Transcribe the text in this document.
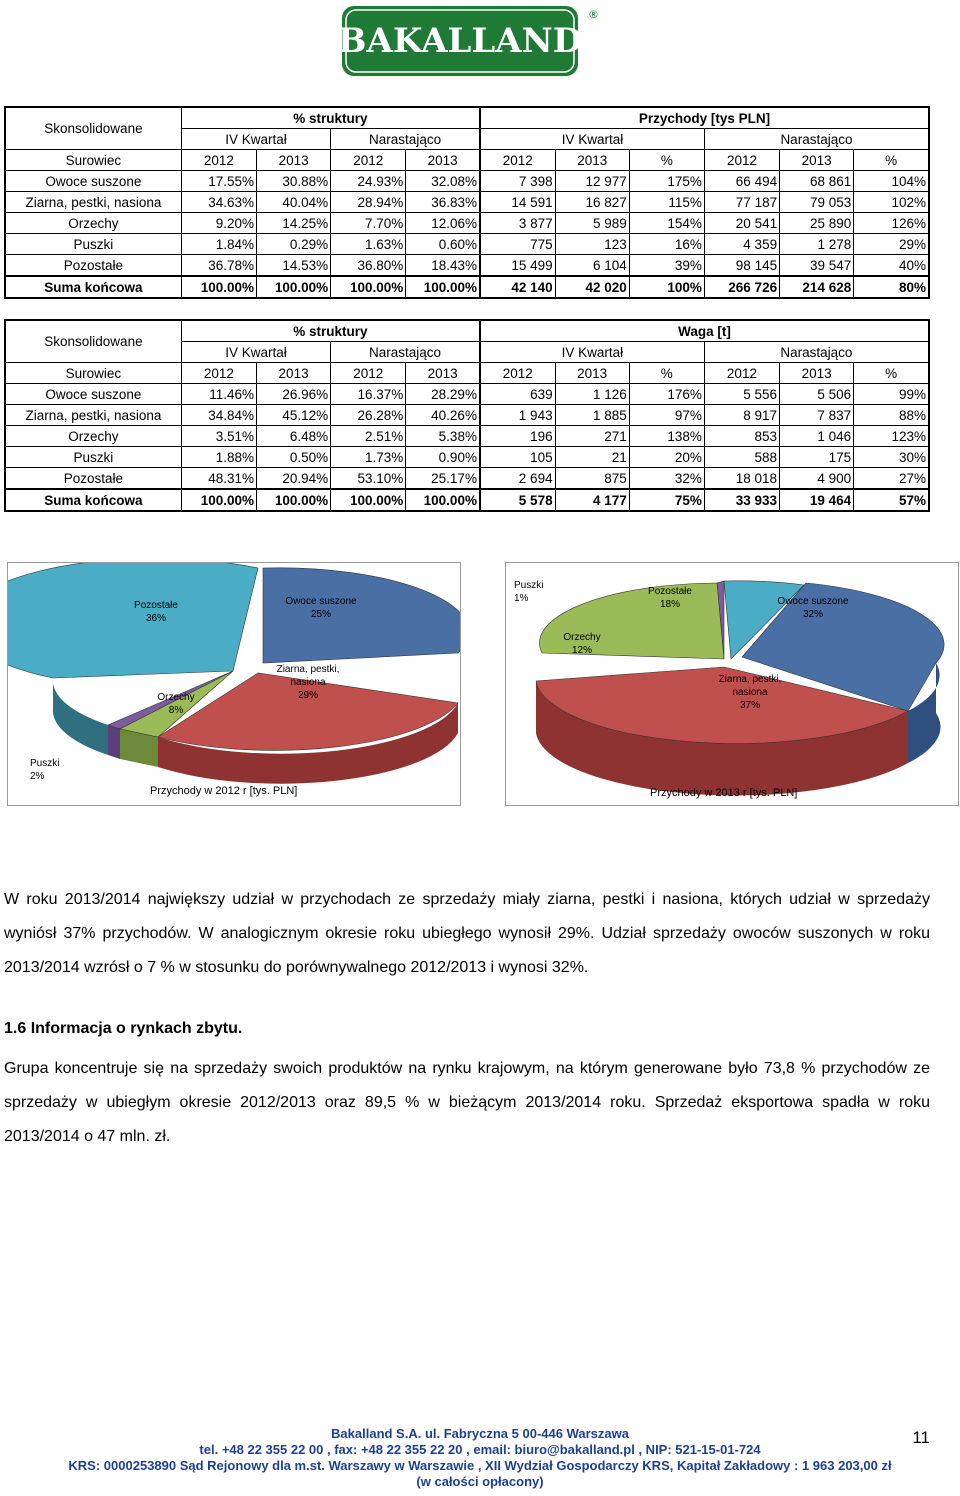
BAKALLAND
®
Skonsolidowane	% struktury				Przychody [tys PLN]					
	IV Kwartał		Narastająco		IV Kwartał			Narastająco		
Surowiec	2012	2013	2012	2013	2012	2013	%	2012	2013	%
Owoce suszone	17.55%	30.88%	24.93%	32.08%	7 398	12 977	175%	66 494	68 861	104%
Ziarna, pestki, nasiona	34.63%	40.04%	28.94%	36.83%	14 591	16 827	115%	77 187	79 053	102%
Orzechy	9.20%	14.25%	7.70%	12.06%	3 877	5 989	154%	20 541	25 890	126%
Puszki	1.84%	0.29%	1.63%	0.60%	775	123	16%	4 359	1 278	29%
Pozostałe	36.78%	14.53%	36.80%	18.43%	15 499	6 104	39%	98 145	39 547	40%
Suma końcowa	100.00%	100.00%	100.00%	100.00%	42 140	42 020	100%	266 726	214 628	80%
Skonsolidowane	% struktury				Waga [t]					
	IV Kwartał		Narastająco		IV Kwartał			Narastająco		
Surowiec	2012	2013	2012	2013	2012	2013	%	2012	2013	%
Owoce suszone	11.46%	26.96%	16.37%	28.29%	639	1 126	176%	5 556	5 506	99%
Ziarna, pestki, nasiona	34.84%	45.12%	26.28%	40.26%	1 943	1 885	97%	8 917	7 837	88%
Orzechy	3.51%	6.48%	2.51%	5.38%	196	271	138%	853	1 046	123%
Puszki	1.88%	0.50%	1.73%	0.90%	105	21	20%	588	175	30%
Pozostałe	48.31%	20.94%	53.10%	25.17%	2 694	875	32%	18 018	4 900	27%
Suma końcowa	100.00%	100.00%	100.00%	100.00%	5 578	4 177	75%	33 933	19 464	57%
Pozostałe
36%
Owoce suszone
25%
Ziarna, pestki, nasiona
29%
Orzechy
8%
Puszki
2%
Przychody w 2012 r [tys. PLN]
Puszki
1%
Pozostałe
18%	Owoce suszone
32%
Orzechy
12%
Ziarna, pestki, nasiona
37%
Przychody w 2013 r [tys. PLN]
W roku 2013/2014 największy udział w przychodach ze sprzedaży miały ziarna, pestki i nasiona, których udział w sprzedaży wyniósł 37% przychodów. W analogicznym okresie roku ubiegłego wynosił 29%. Udział sprzedaży owoców suszonych w roku 2013/2014 wzrósł o 7 % w stosunku do porównywalnego 2012/2013 i wynosi 32%.
1.6 Informacja o rynkach zbytu.
Grupa koncentruje się na sprzedaży swoich produktów na rynku krajowym, na którym generowane było 73,8 % przychodów ze sprzedaży w ubiegłym okresie 2012/2013 oraz 89,5 % w bieżącym 2013/2014 roku. Sprzedaż eksportowa spadła w roku 2013/2014 o 47 mln. zł.
Bakalland S.A. ul. Fabryczna 5 00-446 Warszawa
tel. +48 22 355 22 00 , fax: +48 22 355 22 20 , email: biuro@bakalland.pl , NIP: 521-15-01-724
KRS: 0000253890 Sąd Rejonowy dla m.st. Warszawy w Warszawie , XII Wydział Gospodarczy KRS, Kapitał Zakładowy : 1 963 203,00 zł
(w całości opłacony)
11
